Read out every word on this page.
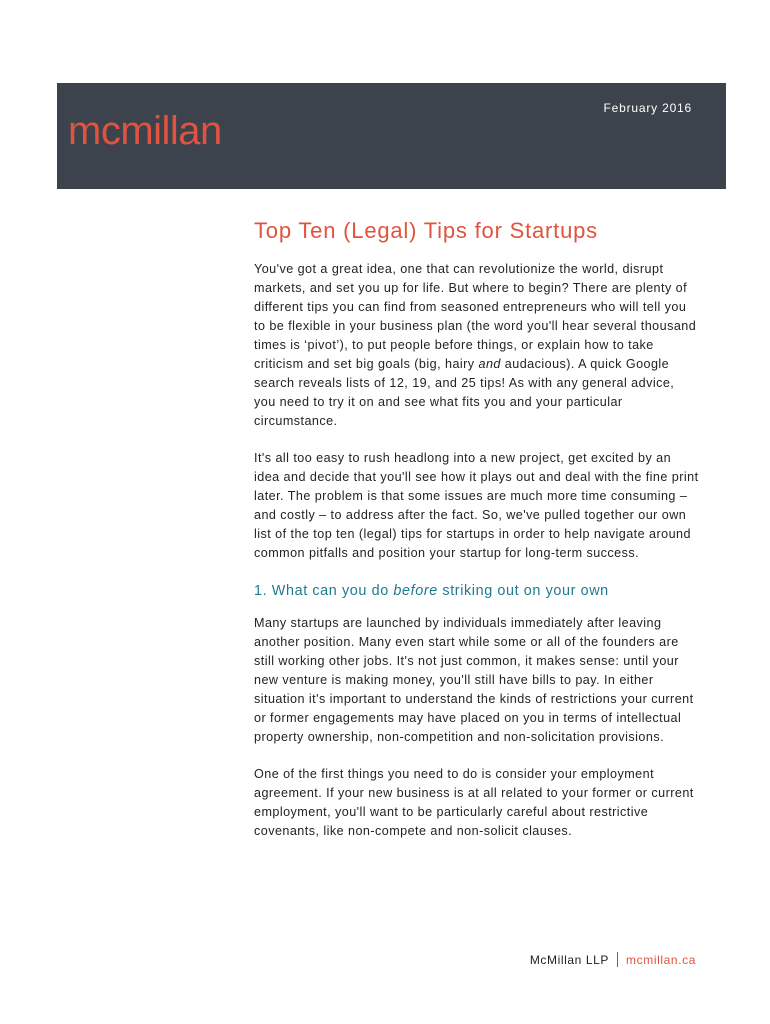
mcmillan
February 2016
Top Ten (Legal) Tips for Startups

You've got a great idea, one that can revolutionize the world, disrupt markets, and set you up for life. But where to begin? There are plenty of different tips you can find from seasoned entrepreneurs who will tell you to be flexible in your business plan (the word you'll hear several thousand times is ‘pivot’), to put people before things, or explain how to take criticism and set big goals (big, hairy and audacious). A quick Google search reveals lists of 12, 19, and 25 tips! As with any general advice, you need to try it on and see what fits you and your particular circumstance.

It's all too easy to rush headlong into a new project, get excited by an idea and decide that you'll see how it plays out and deal with the fine print later. The problem is that some issues are much more time consuming – and costly – to address after the fact. So, we've pulled together our own list of the top ten (legal) tips for startups in order to help navigate around common pitfalls and position your startup for long-term success.

1. What can you do before striking out on your own

Many startups are launched by individuals immediately after leaving another position. Many even start while some or all of the founders are still working other jobs. It's not just common, it makes sense: until your new venture is making money, you'll still have bills to pay. In either situation it's important to understand the kinds of restrictions your current or former engagements may have placed on you in terms of intellectual property ownership, non-competition and non-solicitation provisions.

One of the first things you need to do is consider your employment agreement. If your new business is at all related to your former or current employment, you'll want to be particularly careful about restrictive covenants, like non-compete and non-solicit clauses.

McMillan LLP mcmillan.ca
